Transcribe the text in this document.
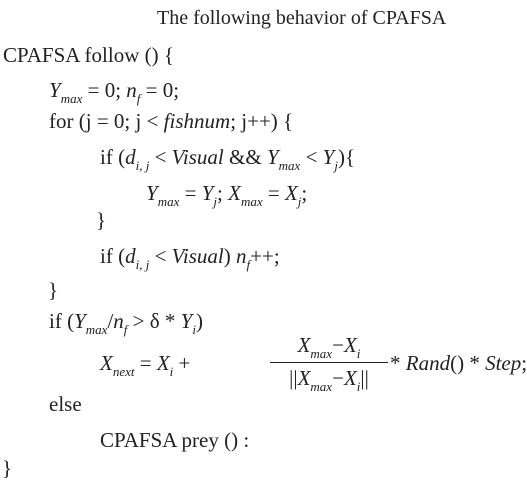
The following behavior of CPAFSA
CPAFSA follow () {
$Y_{max} = 0$; $n_f = 0$;
for (j = 0; j < fishnum; j++) {
if ($d_{i, j}$ < Visual && $Y_{max} < Y_j$){
$Y_{max} = Y_j$; $X_{max} = X_j$;
}
if ($d_{i, j}$ < Visual) $n_f++$;
}
if $(Y_{max}/n_f > \delta * Y_i)$
$X_{next} = X_i$ +
$X_{max}-X_i$
$||X_{max}-X_i||$
* Rand() * Step;
else
CPAFSA prey () :
}
